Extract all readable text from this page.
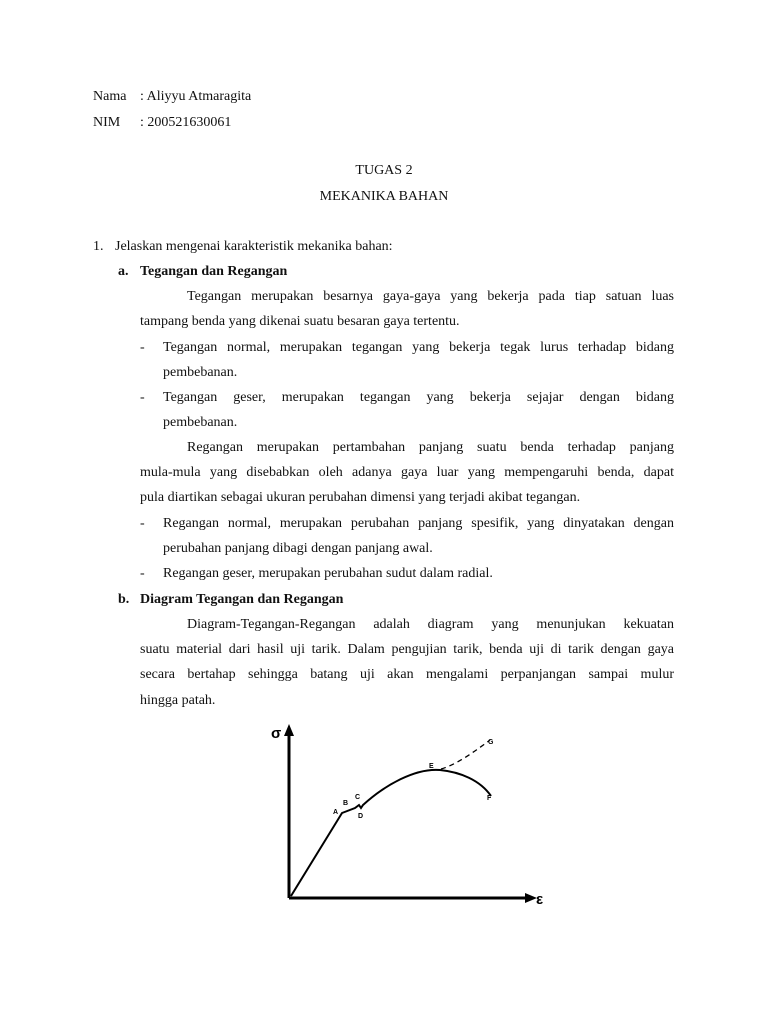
Nama : Aliyyu Atmaragita
NIM : 200521630061
TUGAS 2
MEKANIKA BAHAN
1. Jelaskan mengenai karakteristik mekanika bahan:
a. Tegangan dan Regangan
Tegangan merupakan besarnya gaya-gaya yang bekerja pada tiap satuan luas
tampang benda yang dikenai suatu besaran gaya tertentu.
- Tegangan normal, merupakan tegangan yang bekerja tegak lurus terhadap bidang
pembebanan.
- Tegangan geser, merupakan tegangan yang bekerja sejajar dengan bidang
pembebanan.
Regangan merupakan pertambahan panjang suatu benda terhadap panjang
mula-mula yang disebabkan oleh adanya gaya luar yang mempengaruhi benda, dapat
pula diartikan sebagai ukuran perubahan dimensi yang terjadi akibat tegangan.
- Regangan normal, merupakan perubahan panjang spesifik, yang dinyatakan dengan
perubahan panjang dibagi dengan panjang awal.
- Regangan geser, merupakan perubahan sudut dalam radial.
b. Diagram Tegangan dan Regangan
Diagram-Tegangan-Regangan adalah diagram yang menunjukan kekuatan
suatu material dari hasil uji tarik. Dalam pengujian tarik, benda uji di tarik dengan gaya
secara bertahap sehingga batang uji akan mengalami perpanjangan sampai mulur
hingga patah.
σ
ε
A
B
C
D
E
F
G
